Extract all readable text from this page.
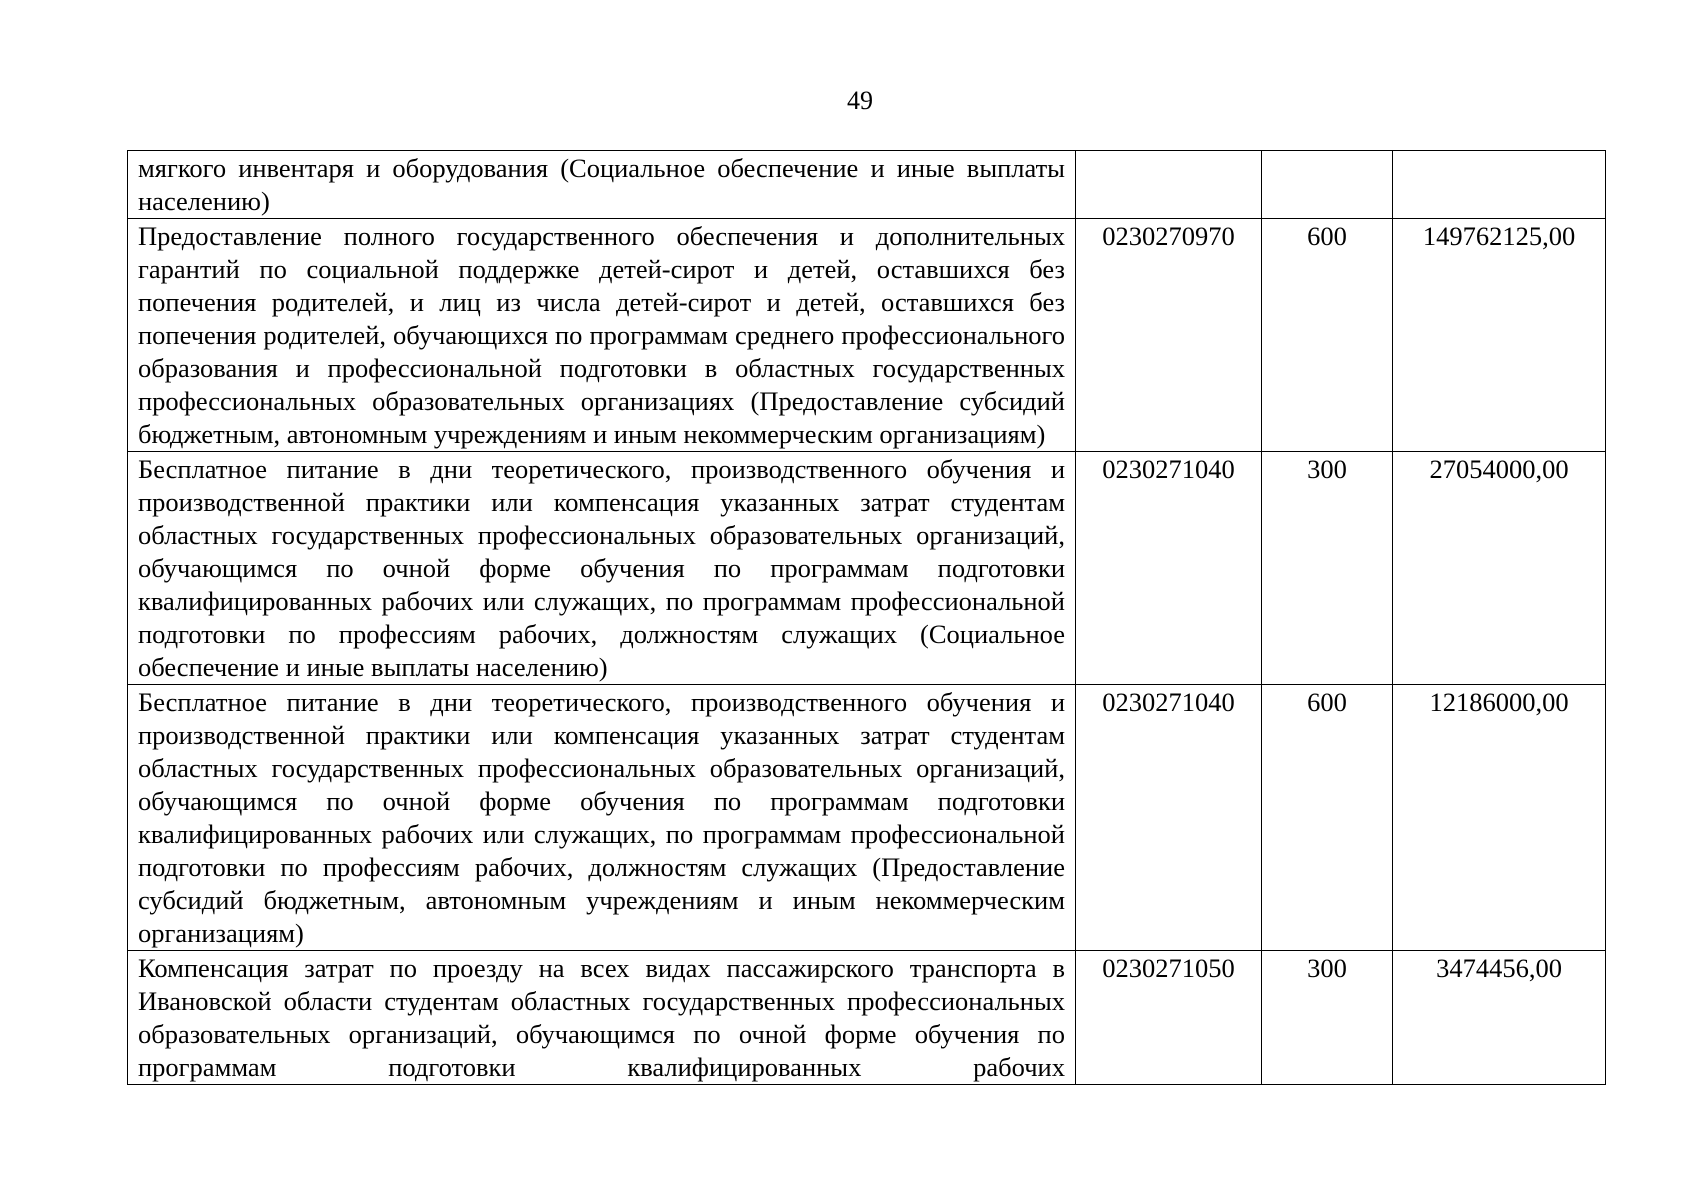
49
мягкого инвентаря и оборудования (Социальное обеспечение и иные выплаты населению)			
Предоставление полного государственного обеспечения и дополнительных гарантий по социальной поддержке детей-сирот и детей, оставшихся без попечения родителей, и лиц из числа детей-сирот и детей, оставшихся без попечения родителей, обучающихся по программам среднего профессионального образования и профессиональной подготовки в областных государственных профессиональных образовательных организациях (Предоставление субсидий бюджетным, автономным учреждениям и иным некоммерческим организациям)	0230270970	600	149762125,00
Бесплатное питание в дни теоретического, производственного обучения и производственной практики или компенсация указанных затрат студентам областных государственных профессиональных образовательных организаций, обучающимся по очной форме обучения по программам подготовки квалифицированных рабочих или служащих, по программам профессиональной подготовки по профессиям рабочих, должностям служащих (Социальное обеспечение и иные выплаты населению)	0230271040	300	27054000,00
Бесплатное питание в дни теоретического, производственного обучения и производственной практики или компенсация указанных затрат студентам областных государственных профессиональных образовательных организаций, обучающимся по очной форме обучения по программам подготовки квалифицированных рабочих или служащих, по программам профессиональной подготовки по профессиям рабочих, должностям служащих (Предоставление субсидий бюджетным, автономным учреждениям и иным некоммерческим организациям)	0230271040	600	12186000,00
Компенсация затрат по проезду на всех видах пассажирского транспорта в Ивановской области студентам областных государственных профессиональных образовательных организаций, обучающимся по очной форме обучения по программам подготовки квалифицированных рабочих	0230271050	300	3474456,00
